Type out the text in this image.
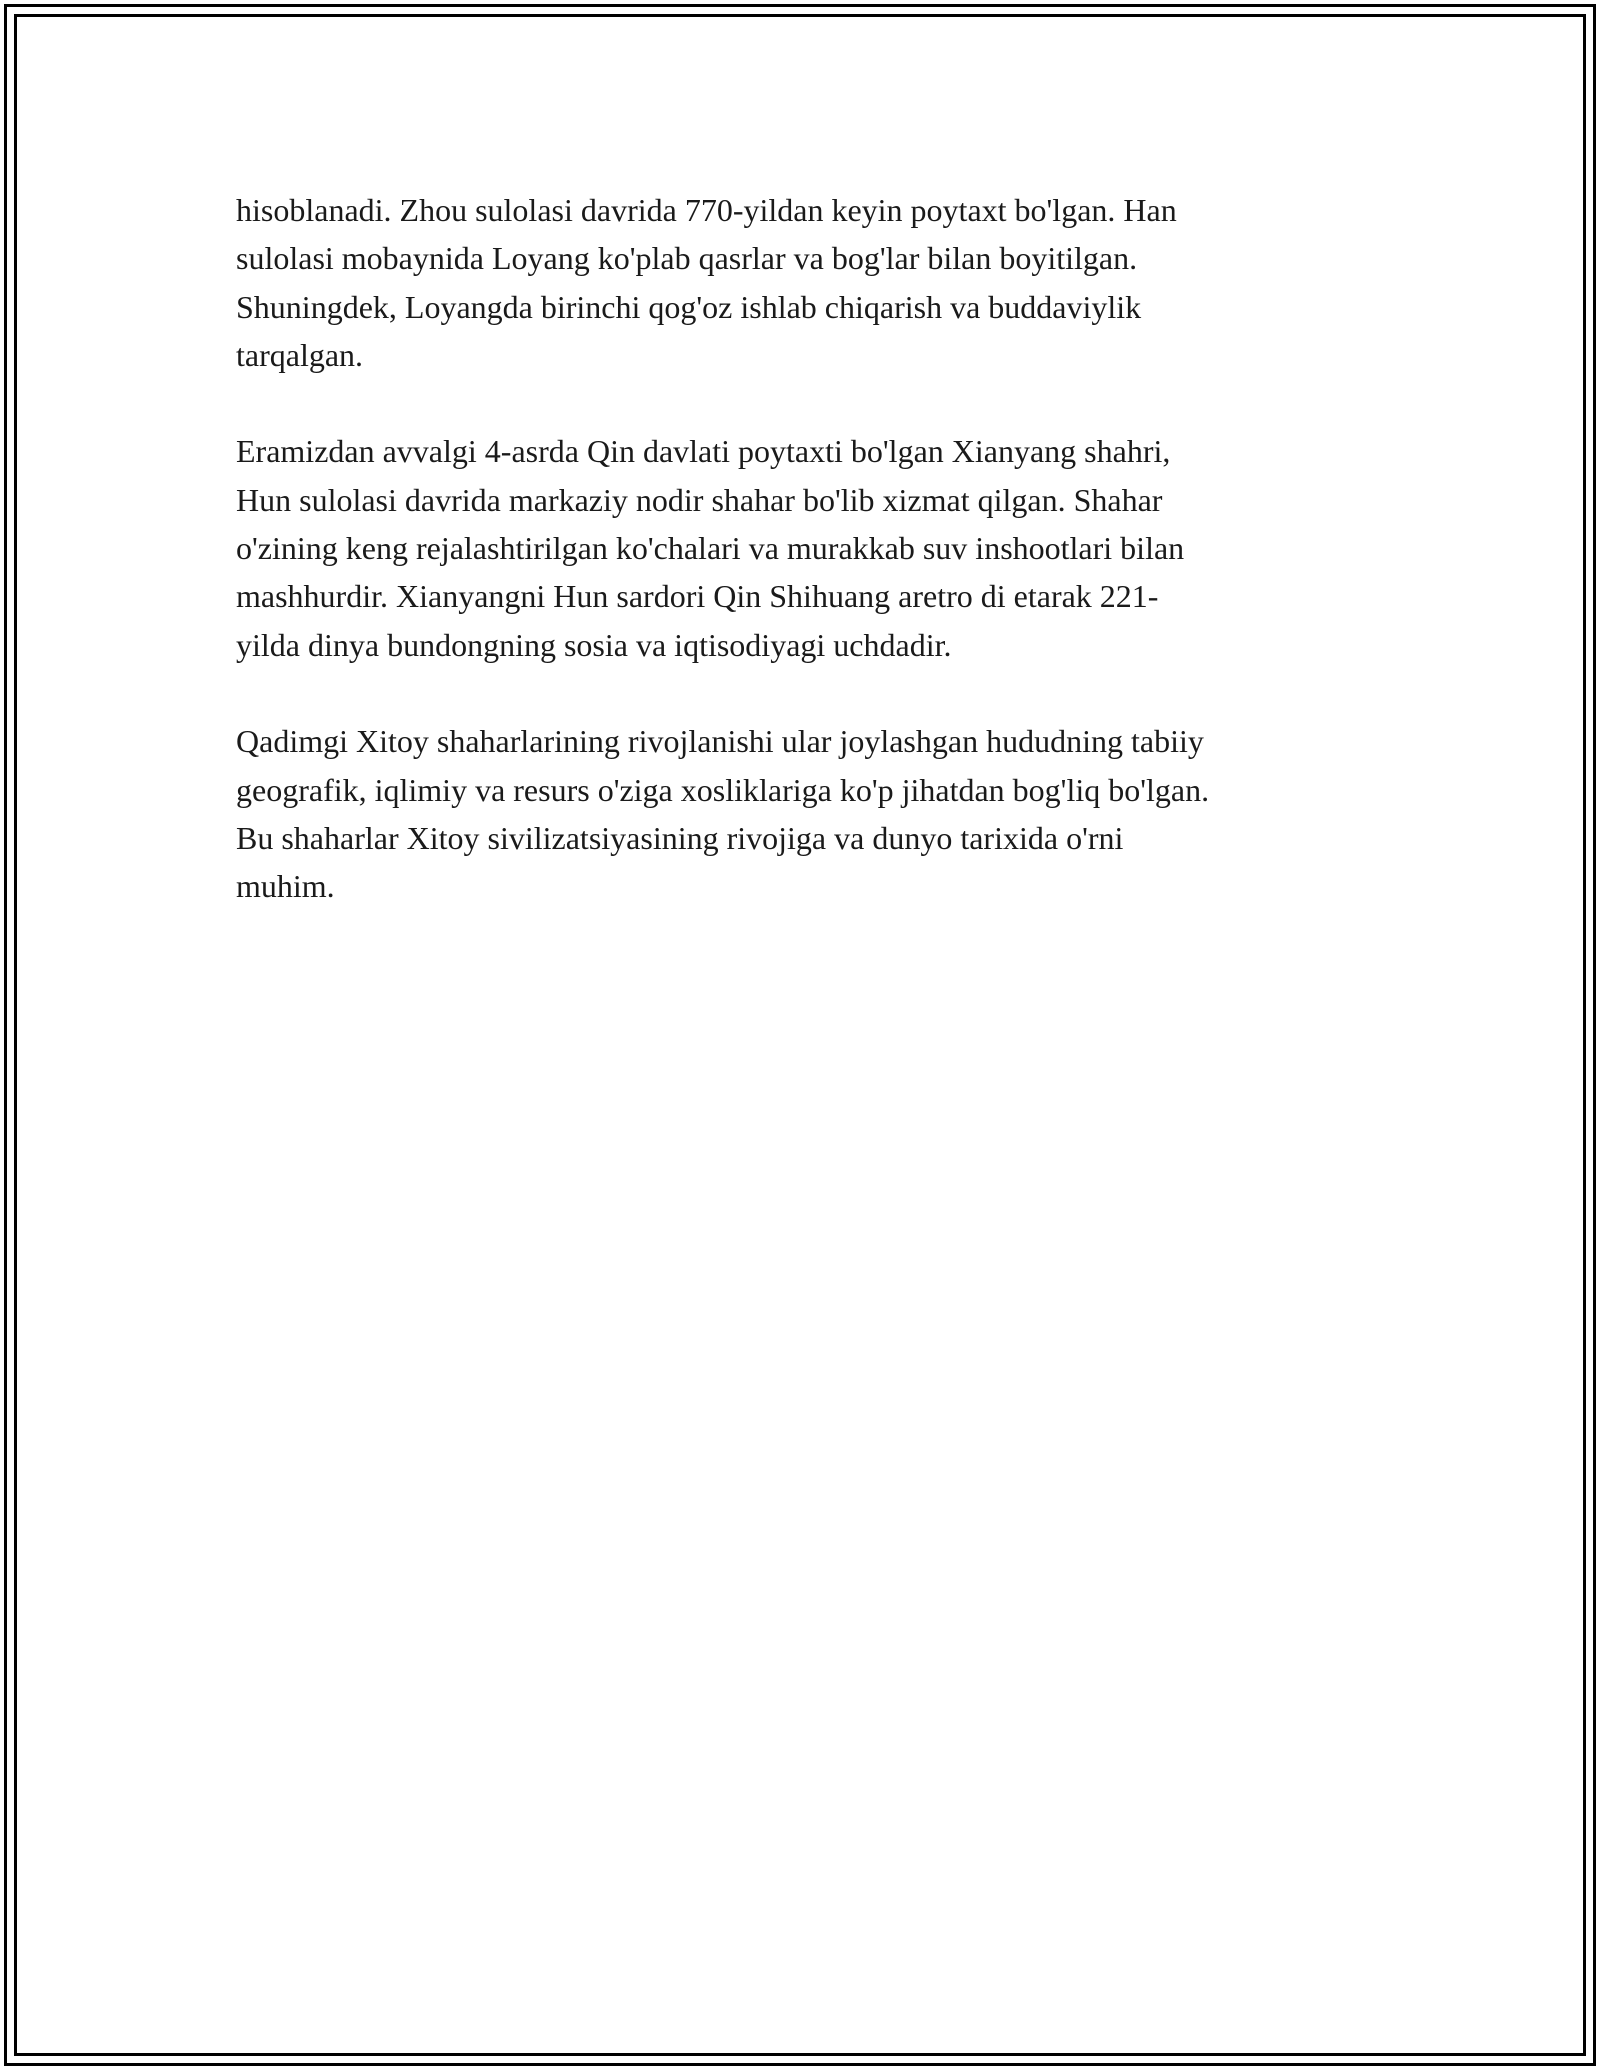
hisoblanadi. Zhou sulolasi davrida 770-yildan keyin poytaxt bo'lgan. Han
sulolasi mobaynida Loyang ko'plab qasrlar va bog'lar bilan boyitilgan.
Shuningdek, Loyangda birinchi qog'oz ishlab chiqarish va buddaviylik
tarqalgan.

Eramizdan avvalgi 4-asrda Qin davlati poytaxti bo'lgan Xianyang shahri,
Hun sulolasi davrida markaziy nodir shahar bo'lib xizmat qilgan. Shahar
o'zining keng rejalashtirilgan ko'chalari va murakkab suv inshootlari bilan
mashhurdir. Xianyangni Hun sardori Qin Shihuang aretro di etarak 221-
yilda dinya bundongning sosia va iqtisodiyagi uchdadir.

Qadimgi Xitoy shaharlarining rivojlanishi ular joylashgan hududning tabiiy
geografik, iqlimiy va resurs o'ziga xosliklariga ko'p jihatdan bog'liq bo'lgan.
Bu shaharlar Xitoy sivilizatsiyasining rivojiga va dunyo tarixida o'rni
muhim.
